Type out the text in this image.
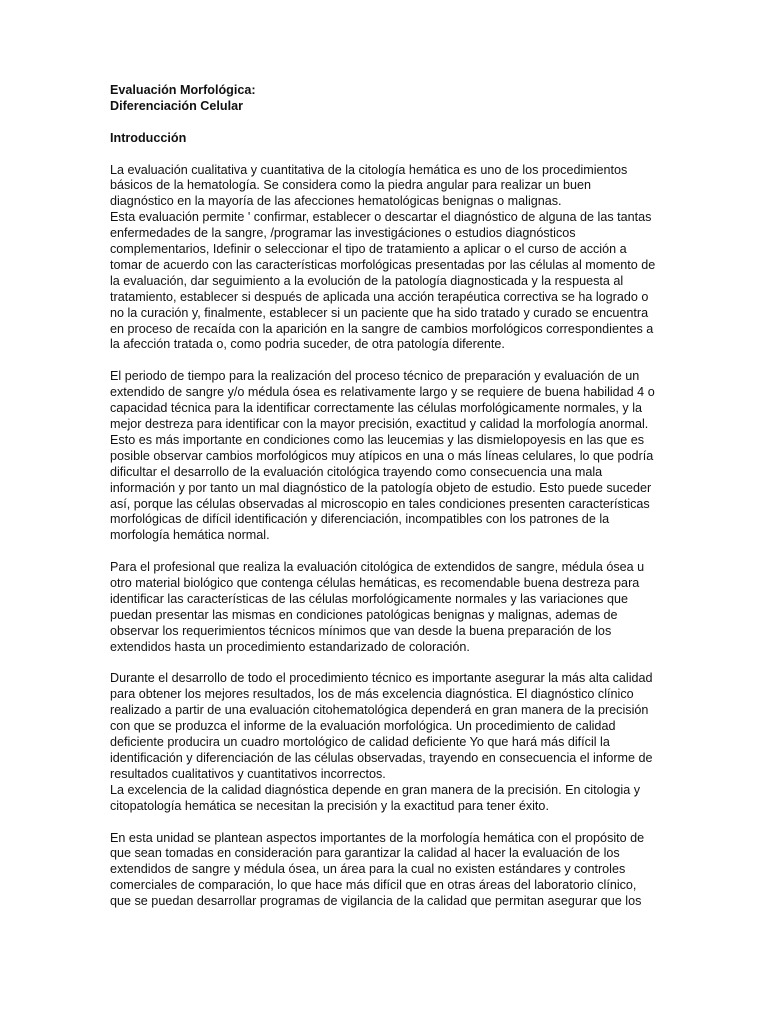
Evaluación Morfológica:

Diferenciación Celular

Introducción

La evaluación cualitativa y cuantitativa de la citología hemática es uno de los procedimientos básicos de la hematología. Se considera como la piedra angular para realizar un buen diagnóstico en la mayoría de las afecciones hematológicas benignas o malignas.

Esta evaluación permite ' confirmar, establecer o descartar el diagnóstico de alguna de las tantas enfermedades de la sangre, /programar las investigáciones o estudios diagnósticos complementarios, Idefinir o seleccionar el tipo de tratamiento a aplicar o el curso de acción a tomar de acuerdo con las características morfológicas presentadas por las células al momento de la evaluación, dar seguimiento a la evolución de la patología diagnosticada y la respuesta al tratamiento, establecer si después de aplicada una acción terapéutica correctiva se ha logrado o no la curación y, finalmente, establecer si un paciente que ha sido tratado y curado se encuentra en proceso de recaída con la aparición en la sangre de cambios morfológicos correspondientes a la afección tratada o, como podria suceder, de otra patología diferente.

El periodo de tiempo para la realización del proceso técnico de preparación y evaluación de un extendido de sangre y/o médula ósea es relativamente largo y se requiere de buena habilidad 4 o capacidad técnica para la identificar correctamente las células morfológicamente normales, y la mejor destreza para identificar con la mayor precisión, exactitud y calidad la morfología anormal. Esto es más importante en condiciones como las leucemias y las dismielopoyesis en las que es posible observar cambios morfológicos muy atípicos en una o más líneas celulares, lo que podría dificultar el desarrollo de la evaluación citológica trayendo como consecuencia una mala información y por tanto un mal diagnóstico de la patología objeto de estudio. Esto puede suceder así, porque las células observadas al microscopio en tales condiciones presenten características morfológicas de difícil identificación y diferenciación, incompatibles con los patrones de la morfología hemática normal.

Para el profesional que realiza la evaluación citológica de extendidos de sangre, médula ósea u otro material biológico que contenga células hemáticas, es recomendable buena destreza para identificar las características de las células morfológicamente normales y las variaciones que puedan presentar las mismas en condiciones patológicas benignas y malignas, ademas de observar los requerimientos técnicos mínimos que van desde la buena preparación de los extendidos hasta un procedimiento estandarizado de coloración.

Durante el desarrollo de todo el procedimiento técnico es importante asegurar la más alta calidad para obtener los mejores resultados, los de más excelencia diagnóstica. El diagnóstico clínico realizado a partir de una evaluación citohematológica dependerá en gran manera de la precisión con que se produzca el informe de la evaluación morfológica. Un procedimiento de calidad deficiente producira un cuadro mortológico de calidad deficiente Yo que hará más difícil la identificación y diferenciación de las células observadas, trayendo en consecuencia el informe de resultados cualitativos y cuantitativos incorrectos.

La excelencia de la calidad diagnóstica depende en gran manera de la precisión. En citologia y citopatología hemática se necesitan la precisión y la exactitud para tener éxito.

En esta unidad se plantean aspectos importantes de la morfología hemática con el propósito de que sean tomadas en consideración para garantizar la calidad al hacer la evaluación de los extendidos de sangre y médula ósea, un área para la cual no existen estándares y controles comerciales de comparación, lo que hace más difícil que en otras áreas del laboratorio clínico, que se puedan desarrollar programas de vigilancia de la calidad que permitan asegurar que los
